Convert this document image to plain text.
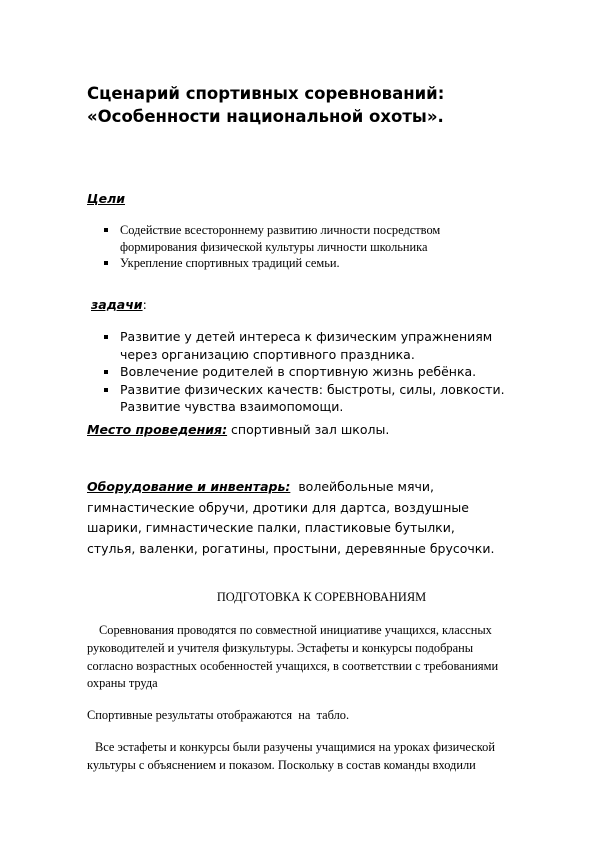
Сценарий спортивных соревнований:
«Особенности национальной охоты».
Цели
Содействие всестороннему развитию личности посредством
формирования физической культуры личности школьника
Укрепление спортивных традиций семьи.
задачи:
Развитие у детей интереса к физическим упражнениям
через организацию спортивного праздника.
Вовлечение родителей в спортивную жизнь ребёнка.
Развитие физических качеств: быстроты, силы, ловкости.
Развитие чувства взаимопомощи.
Место проведения: спортивный зал школы.
Оборудование и инвентарь: волейбольные мячи,
гимнастические обручи, дротики для дартса, воздушные
шарики, гимнастические палки, пластиковые бутылки,
стулья, валенки, рогатины, простыни, деревянные брусочки.
ПОДГОТОВКА К СОРЕВНОВАНИЯМ
Соревнования проводятся по совместной инициативе учащихся, классных
руководителей и учителя физкультуры. Эстафеты и конкурсы подобраны
согласно возрастных особенностей учащихся, в соответствии с требованиями
охраны труда
Спортивные результаты отображаются  на  табло.
Все эстафеты и конкурсы были разучены учащимися на уроках физической
культуры с объяснением и показом. Поскольку в состав команды входили
